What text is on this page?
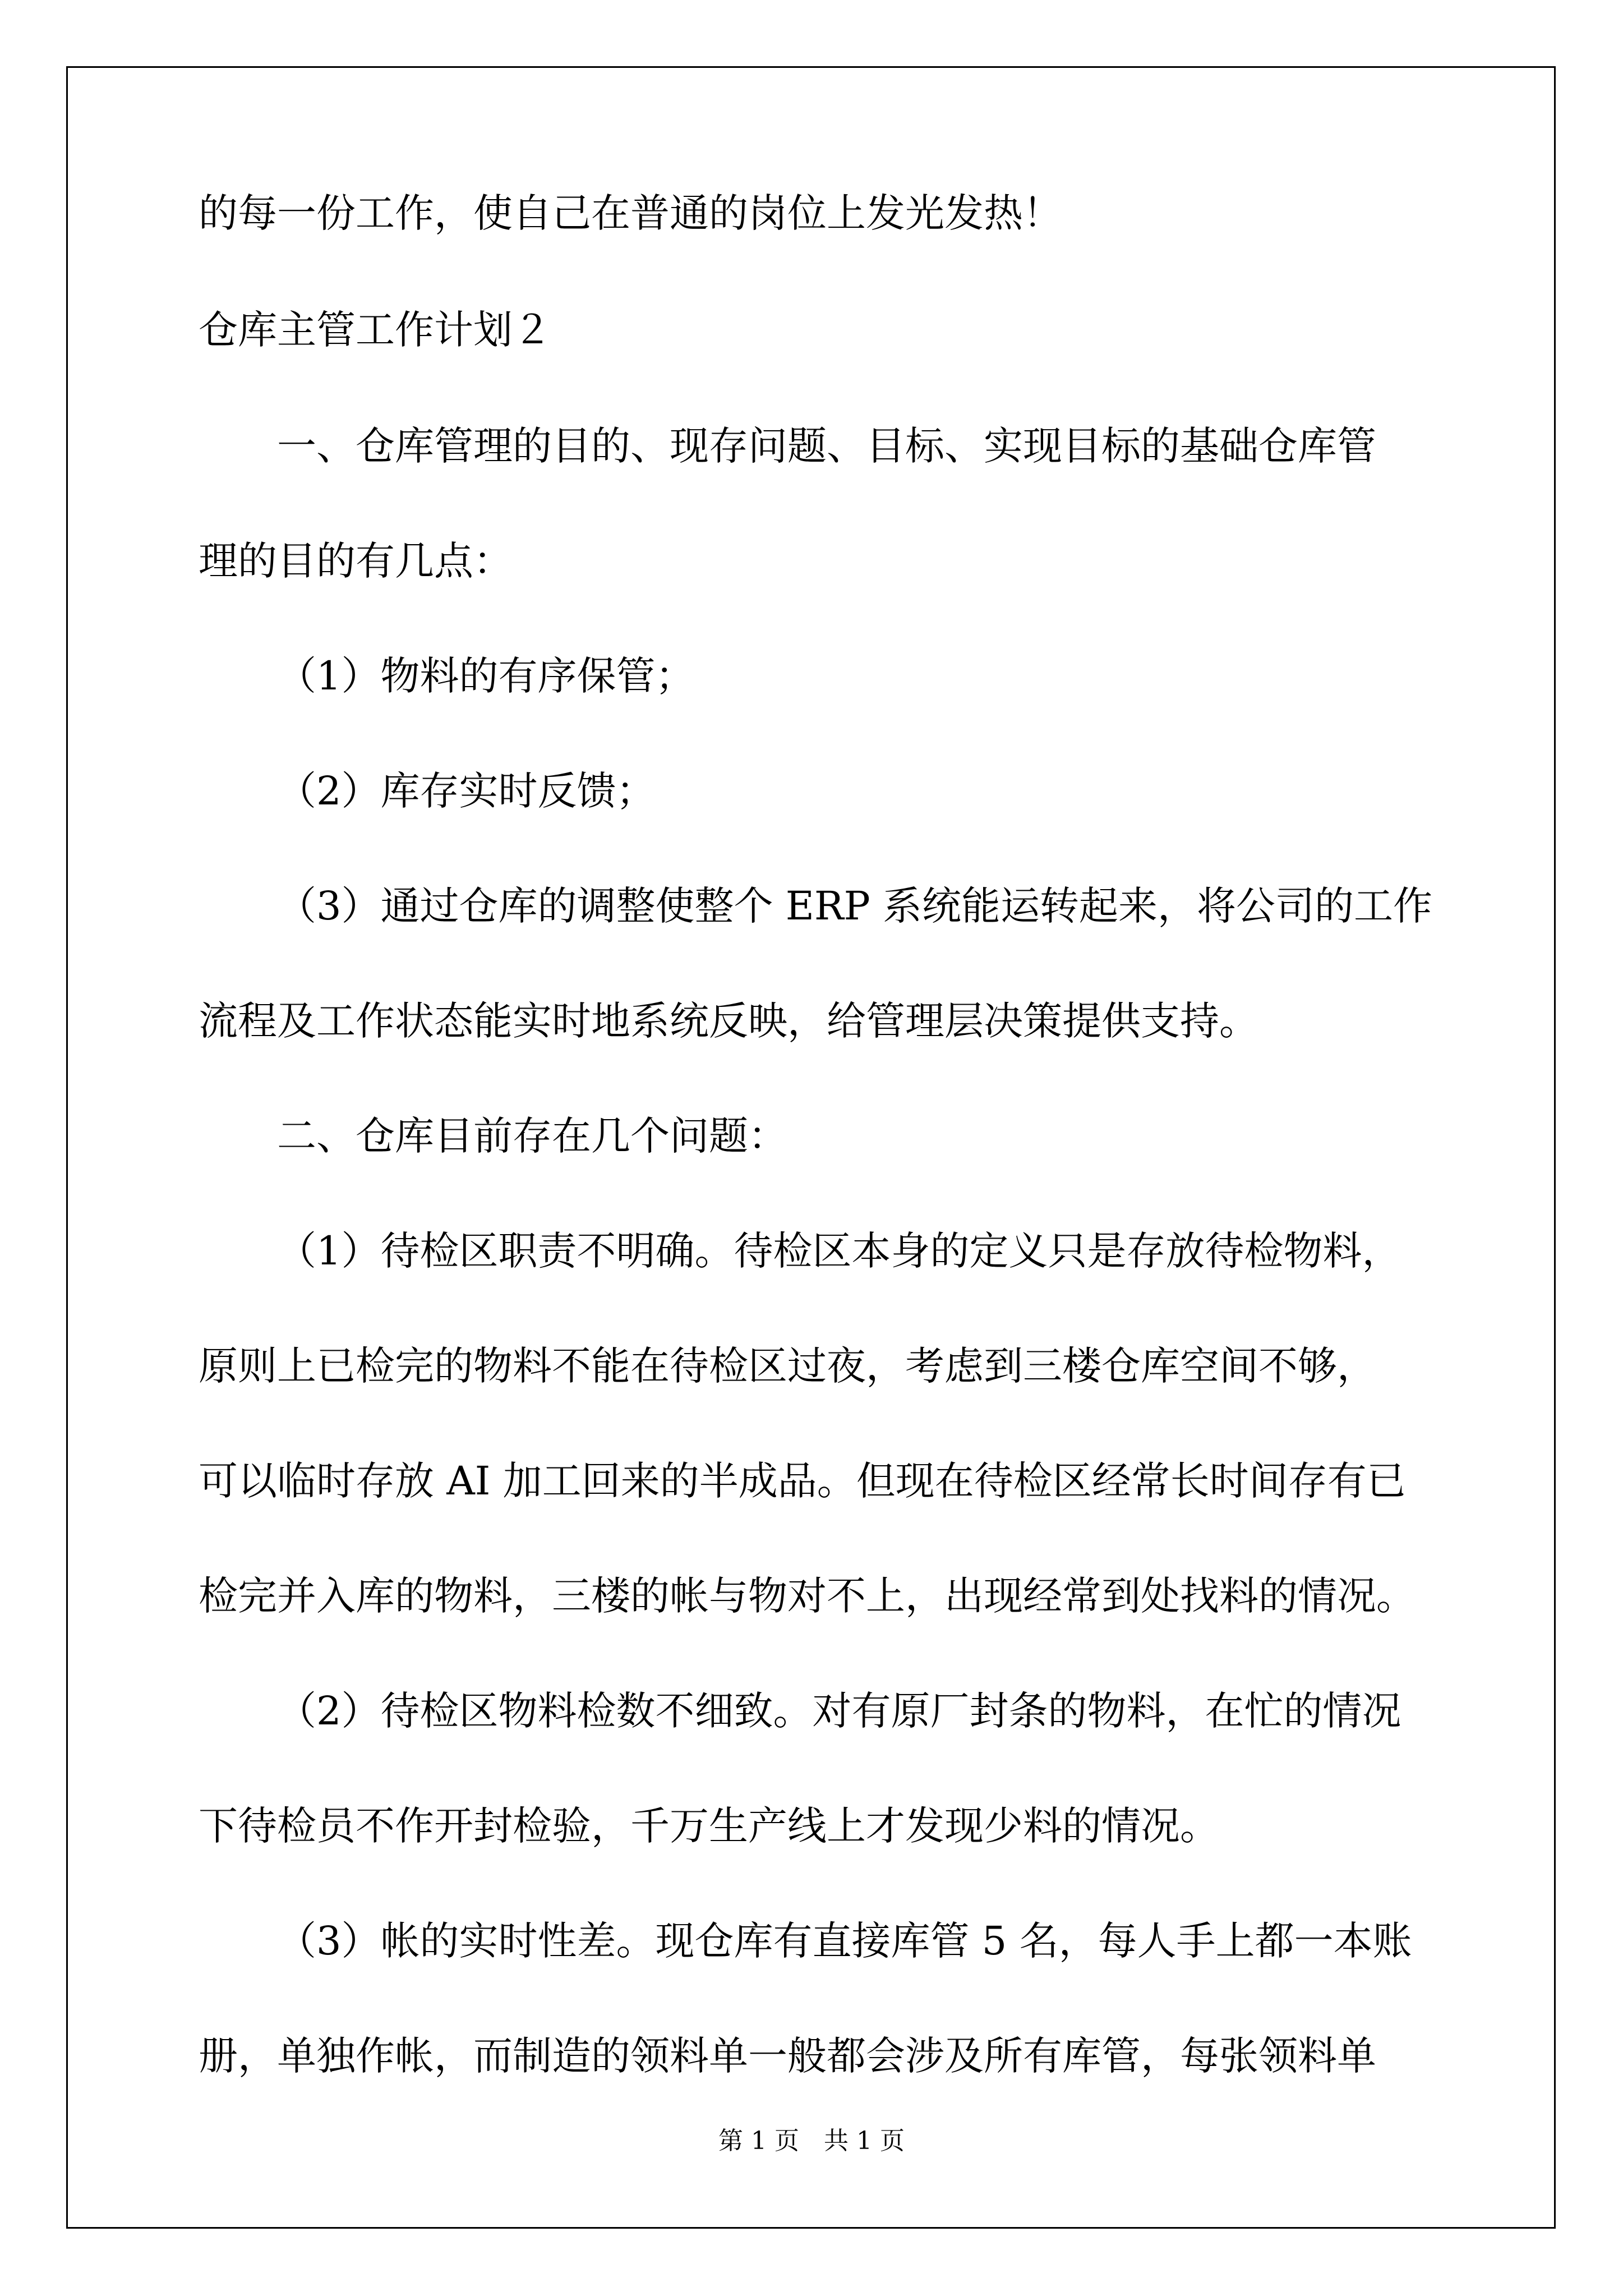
的每一份工作，使自己在普通的岗位上发光发热！
仓库主管工作计划２
一、仓库管理的目的、现存问题、目标、实现目标的基础仓库管
理的目的有几点：
（1）物料的有序保管；
（2）库存实时反馈；
（3）通过仓库的调整使整个 ERP 系统能运转起来，将公司的工作
流程及工作状态能实时地系统反映，给管理层决策提供支持。
二、仓库目前存在几个问题：
（1）待检区职责不明确。待检区本身的定义只是存放待检物料，
原则上已检完的物料不能在待检区过夜，考虑到三楼仓库空间不够，
可以临时存放 AI 加工回来的半成品。但现在待检区经常长时间存有已
检完并入库的物料，三楼的帐与物对不上，出现经常到处找料的情况。
（2）待检区物料检数不细致。对有原厂封条的物料，在忙的情况
下待检员不作开封检验，千万生产线上才发现少料的情况。
（3）帐的实时性差。现仓库有直接库管 5 名，每人手上都一本账
册，单独作帐，而制造的领料单一般都会涉及所有库管，每张领料单
第 1 页　共 1 页
